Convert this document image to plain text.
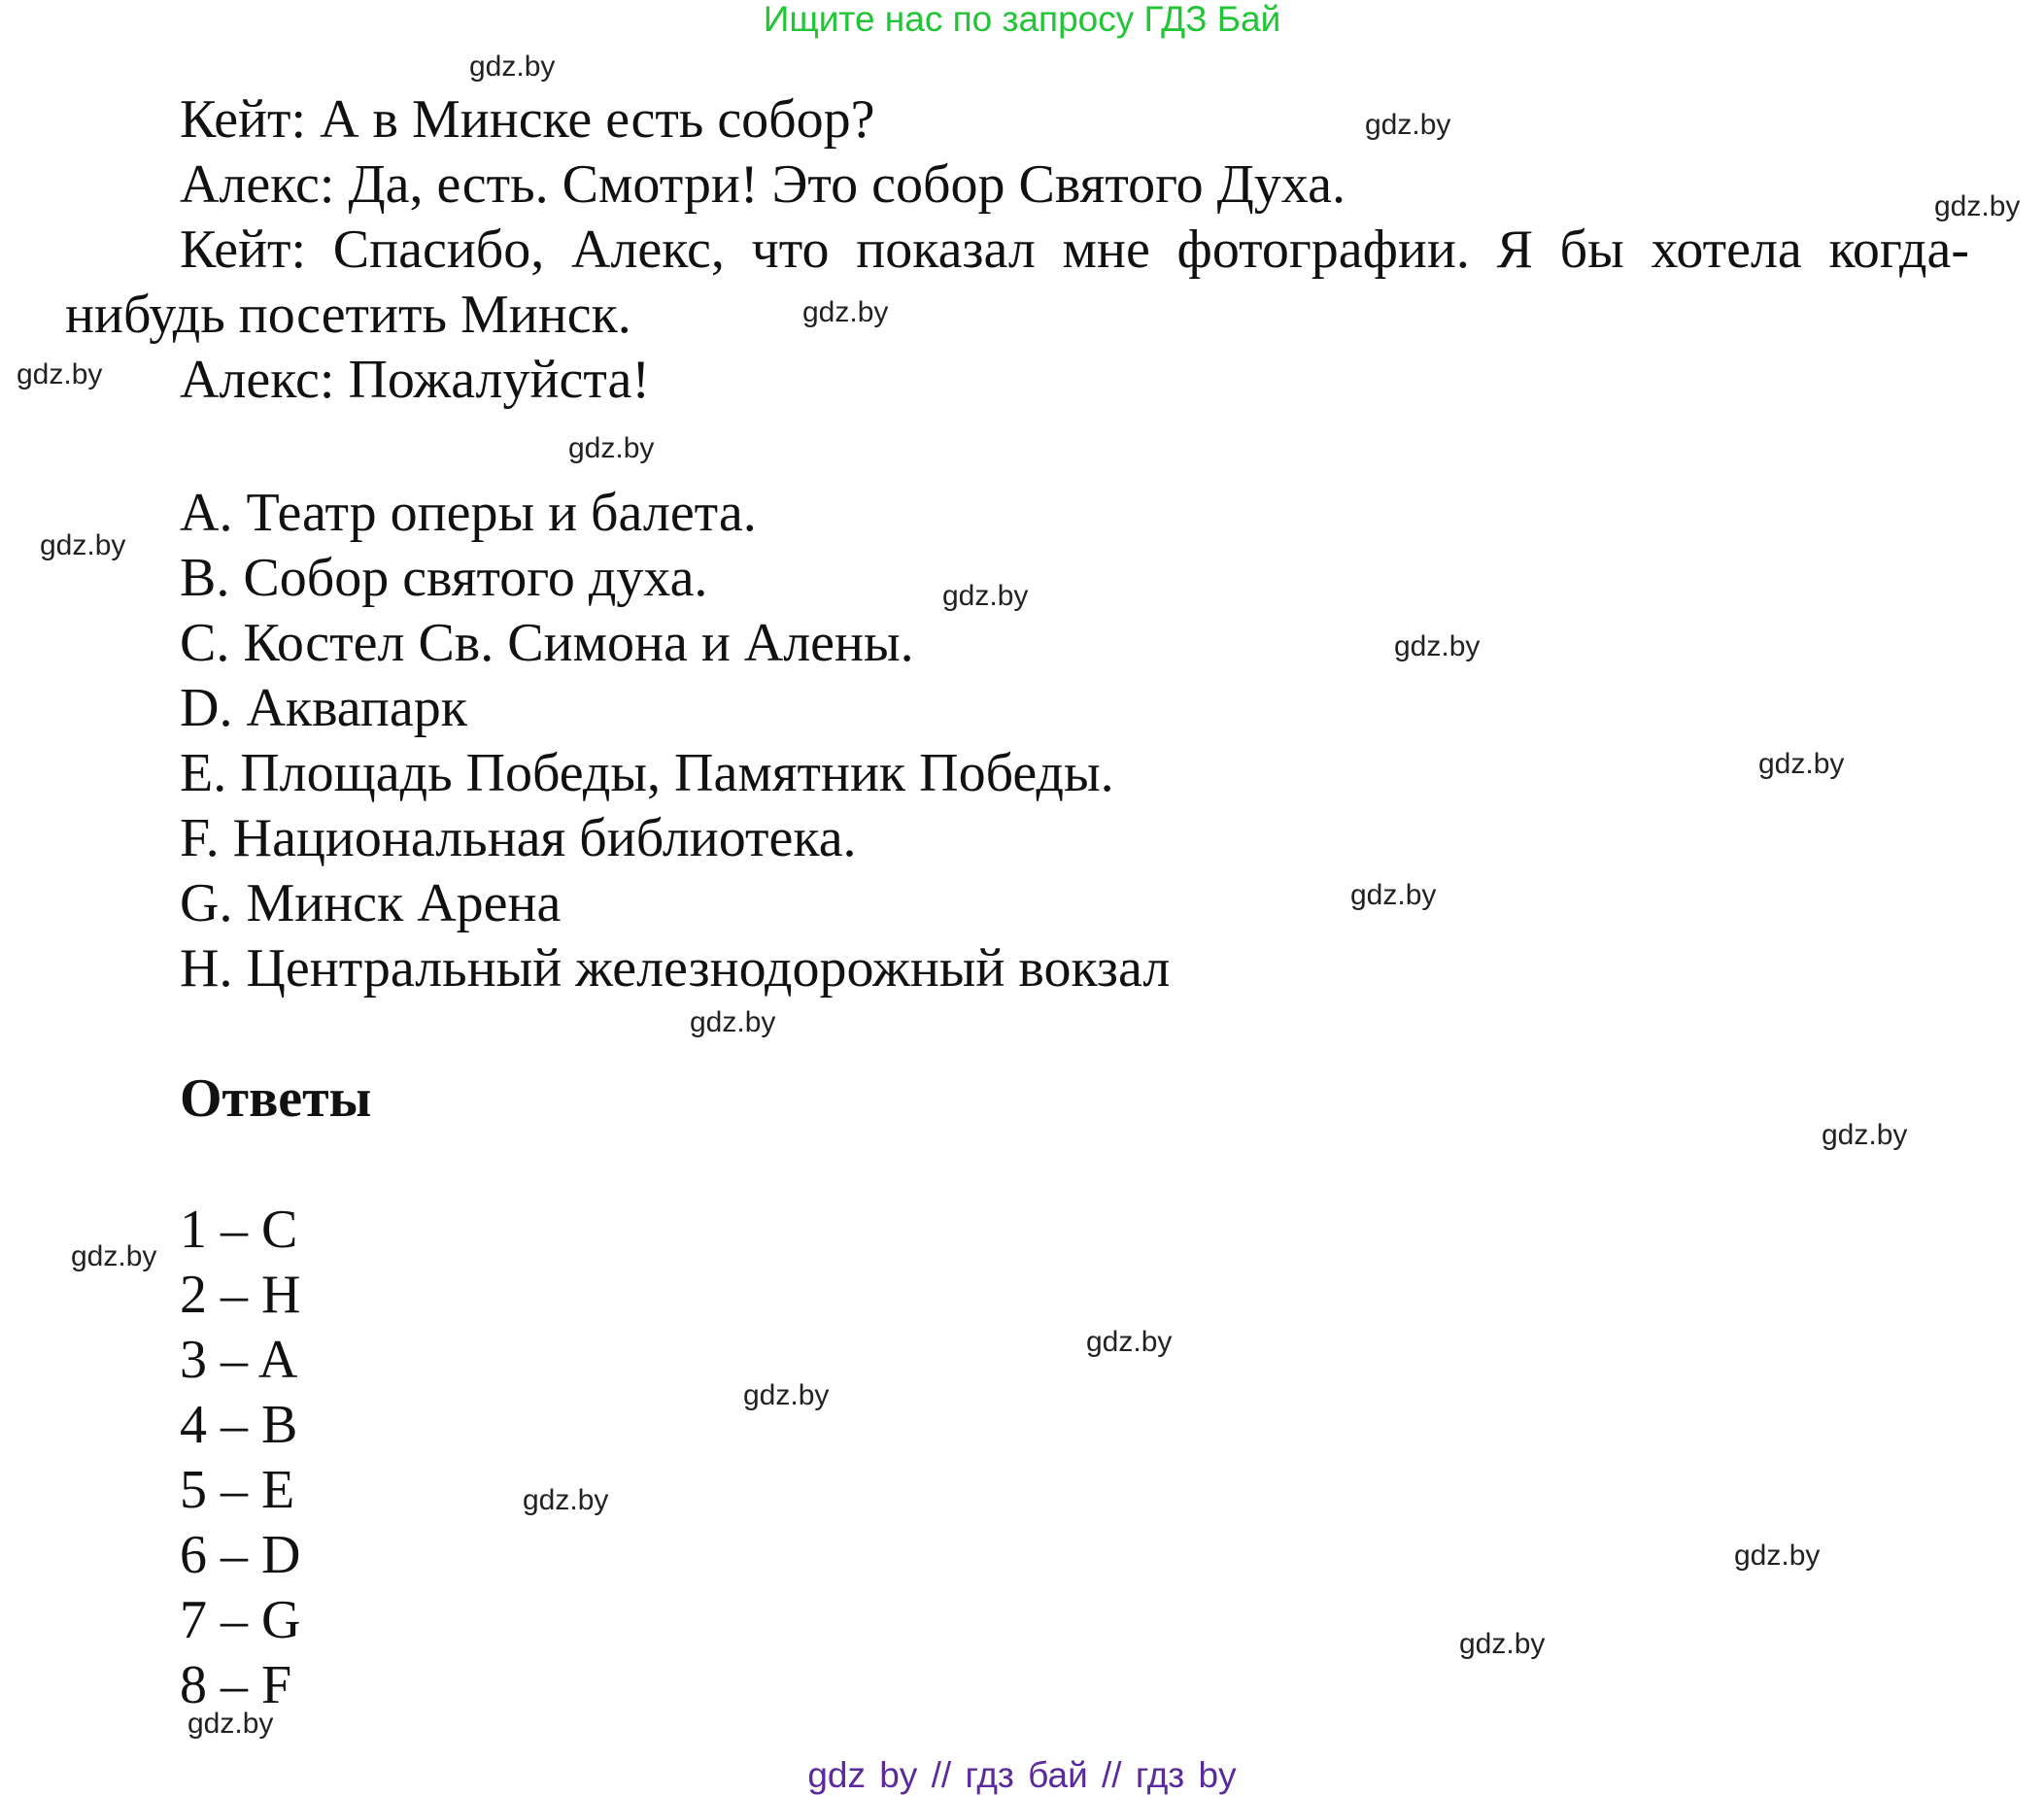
Ищите нас по запросу ГДЗ Бай
Кейт: А в Минске есть собор?
Алекс: Да, есть. Смотри! Это собор Святого Духа.
Кейт: Спасибо, Алекс, что показал мне фотографии. Я бы хотела когда-нибудь посетить Минск.
Алекс: Пожалуйста!
A. Театр оперы и балета.
B. Собор святого духа.
C. Костел Св. Симона и Алены.
D. Аквапарк
E. Площадь Победы, Памятник Победы.
F. Национальная библиотека.
G. Минск Арена
H. Центральный железнодорожный вокзал
Ответы
1 – C
2 – H
3 – A
4 – B
5 – E
6 – D
7 – G
8 – F
gdz.by
gdz.by
gdz.by
gdz.by
gdz.by
gdz.by
gdz.by
gdz.by
gdz.by
gdz.by
gdz.by
gdz.by
gdz.by
gdz.by
gdz.by
gdz.by
gdz.by
gdz.by
gdz.by
gdz.by
gdz by // гдз бай // гдз by
